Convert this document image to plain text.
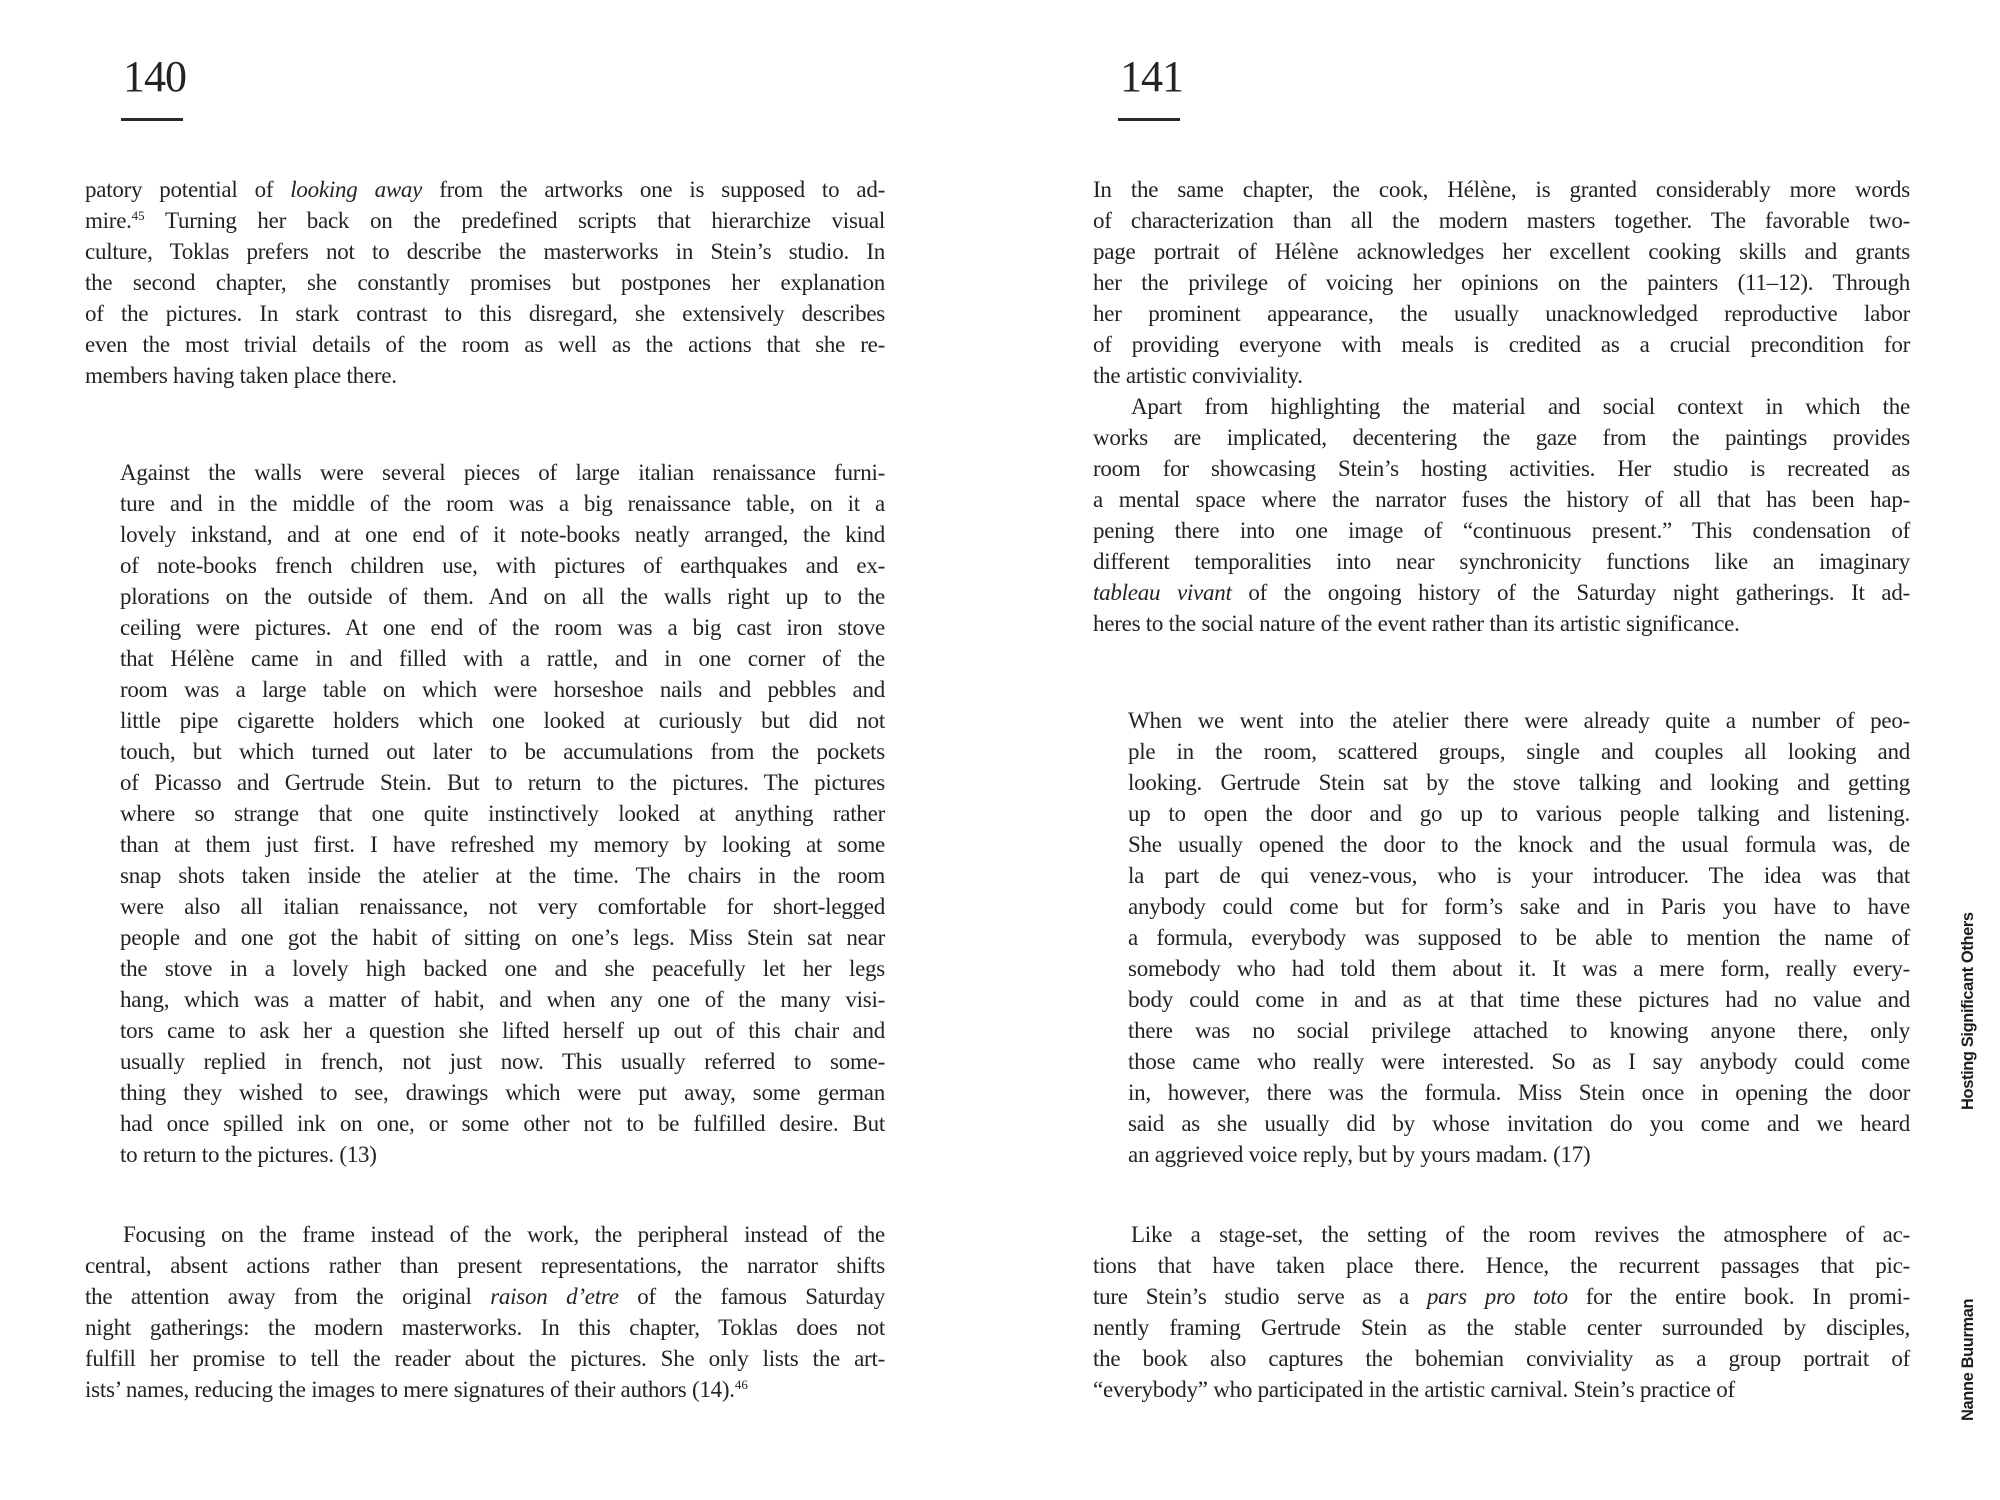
140
patory potential of looking away from the artworks one is supposed to ad-
mire.$^{45}$ Turning her back on the predefined scripts that hierarchize visual
culture, Toklas prefers not to describe the masterworks in Stein’s studio. In
the second chapter, she constantly promises but postpones her explanation
of the pictures. In stark contrast to this disregard, she extensively describes
even the most trivial details of the room as well as the actions that she re-
members having taken place there.
Against the walls were several pieces of large italian renaissance furni-
ture and in the middle of the room was a big renaissance table, on it a
lovely inkstand, and at one end of it note-books neatly arranged, the kind
of note-books french children use, with pictures of earthquakes and ex-
plorations on the outside of them. And on all the walls right up to the
ceiling were pictures. At one end of the room was a big cast iron stove
that Hélène came in and filled with a rattle, and in one corner of the
room was a large table on which were horseshoe nails and pebbles and
little pipe cigarette holders which one looked at curiously but did not
touch, but which turned out later to be accumulations from the pockets
of Picasso and Gertrude Stein. But to return to the pictures. The pictures
where so strange that one quite instinctively looked at anything rather
than at them just first. I have refreshed my memory by looking at some
snap shots taken inside the atelier at the time. The chairs in the room
were also all italian renaissance, not very comfortable for short-legged
people and one got the habit of sitting on one’s legs. Miss Stein sat near
the stove in a lovely high backed one and she peacefully let her legs
hang, which was a matter of habit, and when any one of the many visi-
tors came to ask her a question she lifted herself up out of this chair and
usually replied in french, not just now. This usually referred to some-
thing they wished to see, drawings which were put away, some german
had once spilled ink on one, or some other not to be fulfilled desire. But
to return to the pictures. (13)
Focusing on the frame instead of the work, the peripheral instead of the
central, absent actions rather than present representations, the narrator shifts
the attention away from the original raison d’etre of the famous Saturday
night gatherings: the modern masterworks. In this chapter, Toklas does not
fulfill her promise to tell the reader about the pictures. She only lists the art-
ists’ names, reducing the images to mere signatures of their authors (14).$^{46}$
141
In the same chapter, the cook, Hélène, is granted considerably more words
of characterization than all the modern masters together. The favorable two-
page portrait of Hélène acknowledges her excellent cooking skills and grants
her the privilege of voicing her opinions on the painters (11–12). Through
her prominent appearance, the usually unacknowledged reproductive labor
of providing everyone with meals is credited as a crucial precondition for
the artistic conviviality.
Apart from highlighting the material and social context in which the
works are implicated, decentering the gaze from the paintings provides
room for showcasing Stein’s hosting activities. Her studio is recreated as
a mental space where the narrator fuses the history of all that has been hap-
pening there into one image of “continuous present.” This condensation of
different temporalities into near synchronicity functions like an imaginary
tableau vivant of the ongoing history of the Saturday night gatherings. It ad-
heres to the social nature of the event rather than its artistic significance.
When we went into the atelier there were already quite a number of peo-
ple in the room, scattered groups, single and couples all looking and
looking. Gertrude Stein sat by the stove talking and looking and getting
up to open the door and go up to various people talking and listening.
She usually opened the door to the knock and the usual formula was, de
la part de qui venez-vous, who is your introducer. The idea was that
anybody could come but for form’s sake and in Paris you have to have
a formula, everybody was supposed to be able to mention the name of
somebody who had told them about it. It was a mere form, really every-
body could come in and as at that time these pictures had no value and
there was no social privilege attached to knowing anyone there, only
those came who really were interested. So as I say anybody could come
in, however, there was the formula. Miss Stein once in opening the door
said as she usually did by whose invitation do you come and we heard
an aggrieved voice reply, but by yours madam. (17)
Like a stage-set, the setting of the room revives the atmosphere of ac-
tions that have taken place there. Hence, the recurrent passages that pic-
ture Stein’s studio serve as a pars pro toto for the entire book. In promi-
nently framing Gertrude Stein as the stable center surrounded by disciples,
the book also captures the bohemian conviviality as a group portrait of
“everybody” who participated in the artistic carnival. Stein’s practice of
Hosting Significant Others
Nanne Buurman
